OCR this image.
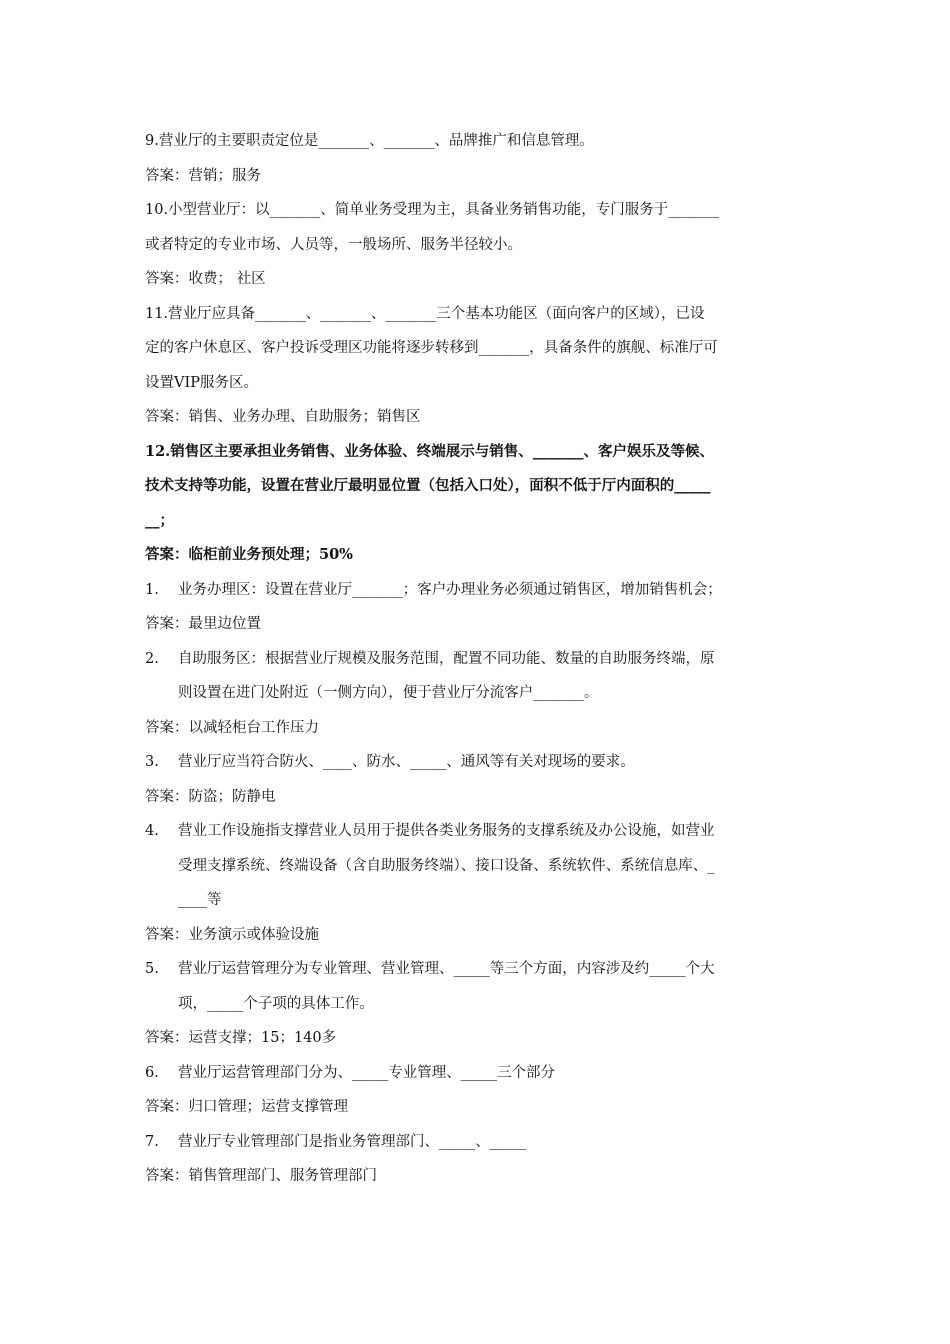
9.营业厅的主要职责定位是_______、_______、品牌推广和信息管理。
答案：营销；服务
10.小型营业厅：以_______、简单业务受理为主，具备业务销售功能，专门服务于_______
或者特定的专业市场、人员等，一般场所、服务半径较小。
答案：收费； 社区
11.营业厅应具备_______、_______、_______三个基本功能区（面向客户的区域），已设
定的客户休息区、客户投诉受理区功能将逐步转移到_______，具备条件的旗舰、标准厅可
设置VIP服务区。
答案：销售、业务办理、自助服务；销售区
12.销售区主要承担业务销售、业务体验、终端展示与销售、_______、客户娱乐及等候、
技术支持等功能，设置在营业厅最明显位置（包括入口处），面积不低于厅内面积的_____
__；
答案：临柜前业务预处理；50%
1.	业务办理区：设置在营业厅_______；客户办理业务必须通过销售区，增加销售机会；
答案：最里边位置
2.	自助服务区：根据营业厅规模及服务范围，配置不同功能、数量的自助服务终端，原
则设置在进门处附近（一侧方向），便于营业厅分流客户_______。
答案：以减轻柜台工作压力
3.	营业厅应当符合防火、____、防水、_____、通风等有关对现场的要求。
答案：防盗；防静电
4.	营业工作设施指支撑营业人员用于提供各类业务服务的支撑系统及办公设施，如营业
受理支撑系统、终端设备（含自助服务终端）、接口设备、系统软件、系统信息库、_
____等
答案：业务演示或体验设施
5.	营业厅运营管理分为专业管理、营业管理、_____等三个方面，内容涉及约_____个大
项，_____个子项的具体工作。
答案：运营支撑；15；140多
6.	营业厅运营管理部门分为、_____专业管理、_____三个部分
答案：归口管理；运营支撑管理
7.	营业厅专业管理部门是指业务管理部门、_____、_____
答案：销售管理部门、服务管理部门
